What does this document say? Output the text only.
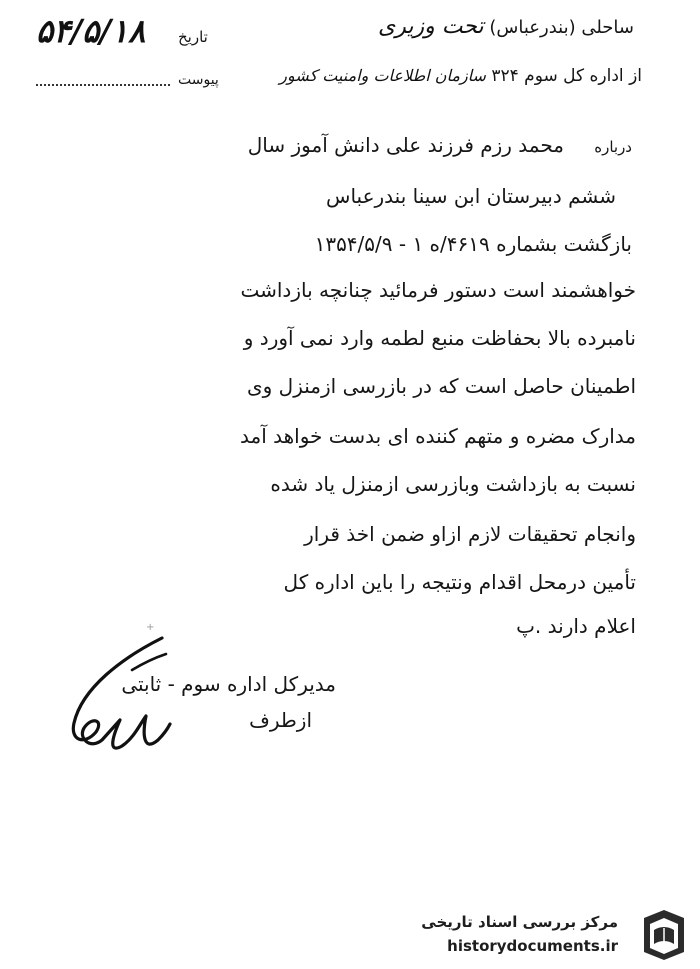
ساحلی (بندرعباس) تحت وزیری
از اداره کل سوم ۳۲۴ سازمان اطلاعات وامنیت کشور
تاریخ
۵۴/۵/۱۸
پیوست
درباره
محمد رزم فرزند علی دانش آموز سال
ششم دبیرستان ابن سینا بندرعباس
بازگشت بشماره ۴۶۱۹/ه ۱ - ۱۳۵۴/۵/۹
خواهشمند است دستور فرمائید چنانچه بازداشت
نامبرده بالا بحفاظت منبع لطمه وارد نمی آورد و
اطمینان حاصل است که در بازرسی ازمنزل وی
مدارک مضره و متهم کننده ای بدست خواهد آمد
نسبت به بازداشت وبازرسی ازمنزل یاد شده
وانجام تحقیقات لازم ازاو ضمن اخذ قرار
تأمین درمحل اقدام ونتیجه را باین اداره کل
اعلام دارند .پ
+
مدیرکل اداره سوم - ثابتی
ازطرف
مرکز بررسی اسناد تاریخی
historydocuments.ir
